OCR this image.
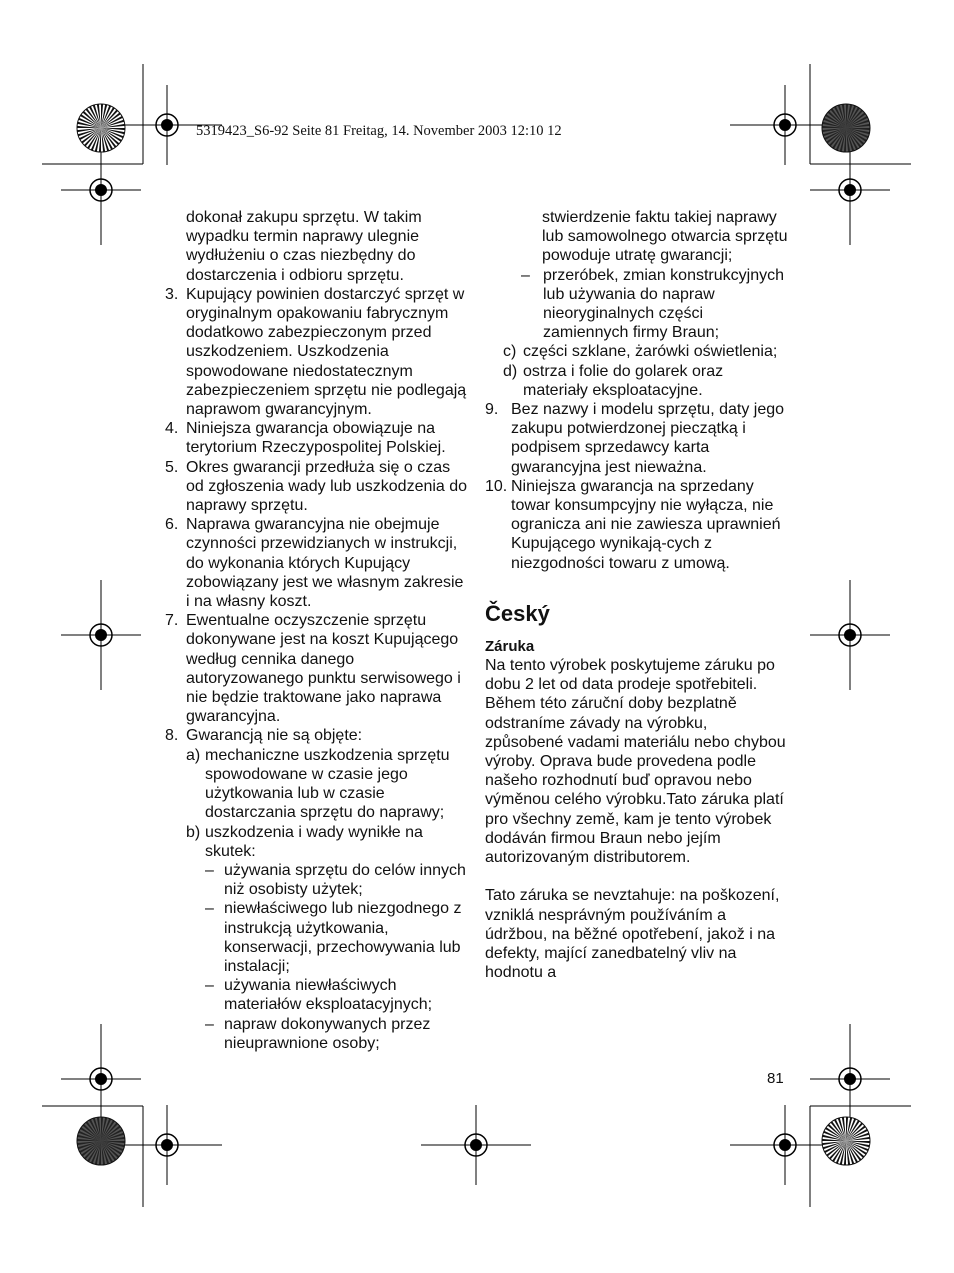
5319423_S6-92 Seite 81 Freitag, 14. November 2003 12:10 12

dokonał zakupu sprzętu. W takim wypadku termin naprawy ulegnie wydłużeniu o czas niezbędny do dostarczenia i odbioru sprzętu.

3. Kupujący powinien dostarczyć sprzęt w oryginalnym opakowaniu fabrycznym dodatkowo zabezpieczonym przed uszkodzeniem. Uszkodzenia spowodowane niedostatecznym zabezpieczeniem sprzętu nie podlegają naprawom gwarancyjnym.
4. Niniejsza gwarancja obowiązuje na terytorium Rzeczypospolitej Polskiej.
5. Okres gwarancji przedłuża się o czas od zgłoszenia wady lub uszkodzenia do naprawy sprzętu.
6. Naprawa gwarancyjna nie obejmuje czynności przewidzianych w instrukcji, do wykonania których Kupujący zobowiązany jest we własnym zakresie i na własny koszt.
7. Ewentualne oczyszczenie sprzętu dokonywane jest na koszt Kupującego według cennika danego autoryzowanego punktu serwisowego i nie będzie traktowane jako naprawa gwarancyjna.
8. Gwarancją nie są objęte:
a) mechaniczne uszkodzenia sprzętu spowodowane w czasie jego użytkowania lub w czasie dostarczania sprzętu do naprawy;
b) uszkodzenia i wady wynikłe na skutek:
– używania sprzętu do celów innych niż osobisty użytek;
– niewłaściwego lub niezgodnego z instrukcją użytkowania, konserwacji, przechowywania lub instalacji;
– używania niewłaściwych materiałów eksploatacyjnych;
– napraw dokonywanych przez nieuprawnione osoby;

stwierdzenie faktu takiej naprawy lub samowolnego otwarcia sprzętu powoduje utratę gwarancji;

– przeróbek, zmian konstrukcyjnych lub używania do napraw nieoryginalnych części zamiennych firmy Braun;
c) części szklane, żarówki oświetlenia;
d) ostrza i folie do golarek oraz materiały eksploatacyjne.
9. Bez nazwy i modelu sprzętu, daty jego zakupu potwierdzonej pieczątką i podpisem sprzedawcy karta gwarancyjna jest nieważna.
10. Niniejsza gwarancja na sprzedany towar konsumpcyjny nie wyłącza, nie ogranicza ani nie zawiesza uprawnień Kupującego wynikają-cych z niezgodności towaru z umową.
Český
Záruka

Na tento výrobek poskytujeme záruku po dobu 2 let od data prodeje spotřebiteli. Během této záruční doby bezplatně odstraníme závady na výrobku, způsobené vadami materiálu nebo chybou výroby. Oprava bude provedena podle našeho rozhodnutí buď opravou nebo výměnou celého výrobku.Tato záruka platí pro všechny země, kam je tento výrobek dodáván firmou Braun nebo jejím autorizovaným distributorem.

Tato záruka se nevztahuje: na poškození, vzniklá nesprávným používáním a údržbou, na běžné opotřebení, jakož i na defekty, mající zanedbatelný vliv na hodnotu a

81
